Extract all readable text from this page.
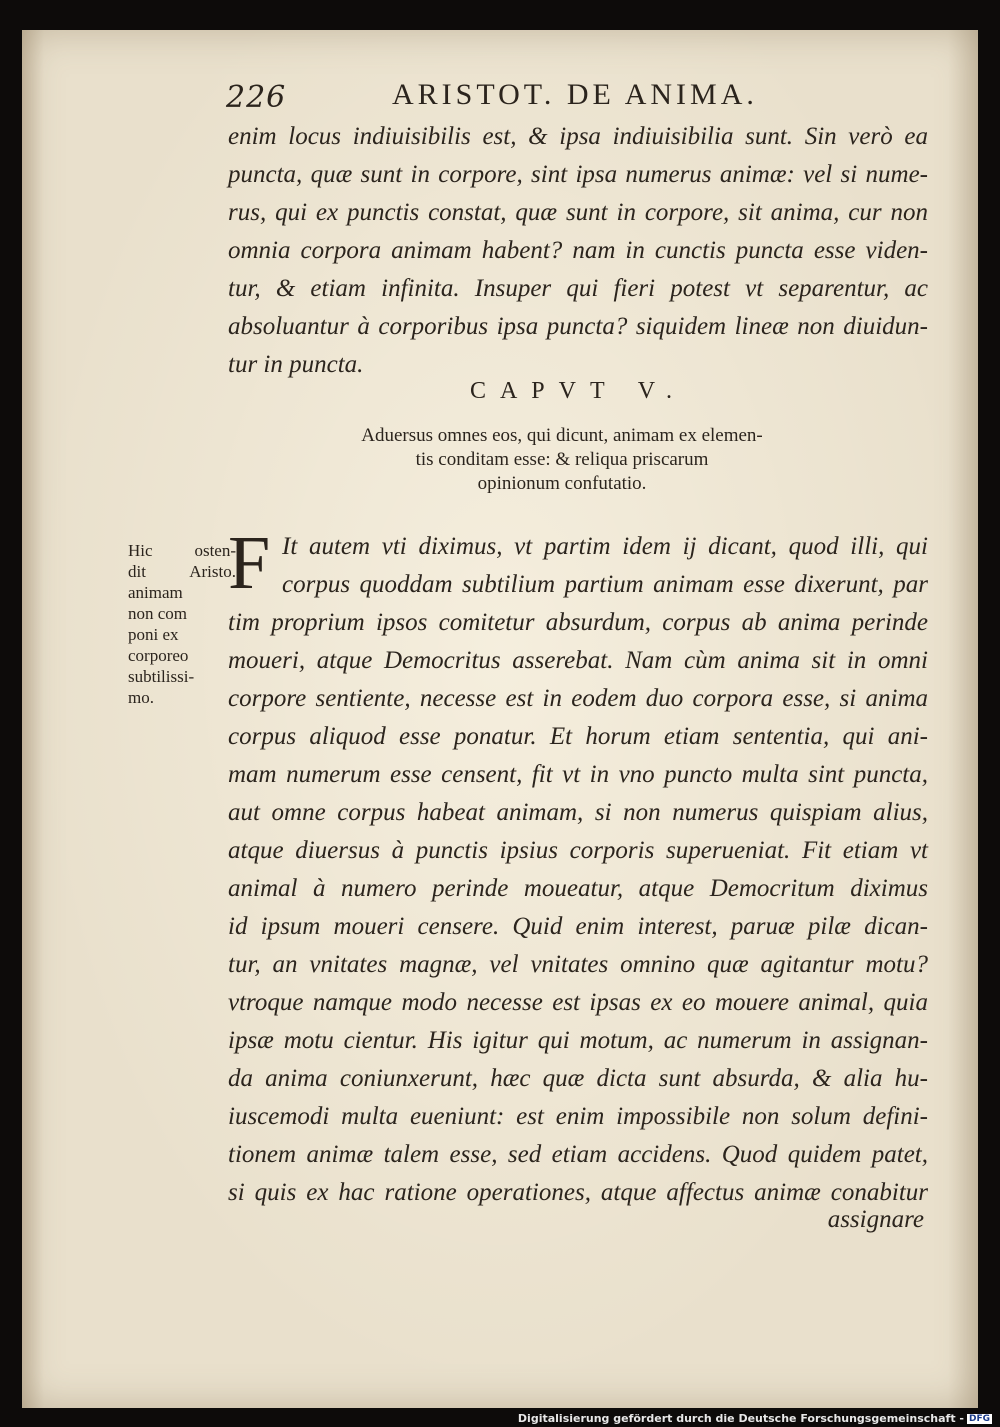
226	ARISTOT. DE ANIMA.
enim locus indiuisibilis est, & ipsa indiuisibilia sunt. Sin verò ea
puncta, quæ sunt in corpore, sint ipsa numerus animæ: vel si nume-
rus, qui ex punctis constat, quæ sunt in corpore, sit anima, cur non
omnia corpora animam habent? nam in cunctis puncta esse viden-
tur, & etiam infinita. Insuper qui fieri potest vt separentur, ac
absoluantur à corporibus ipsa puncta? siquidem lineæ non diuidun-
tur in puncta.
CAPVT V.
Aduersus omnes eos, qui dicunt, animam ex elemen-
tis conditam esse: & reliqua priscarum
opinionum confutatio.
Hic osten-
dit Aristo.
animam
non com
poni ex
corporeo
subtilissi-
mo.
F It autem vti diximus, vt partim idem ij dicant, quod illi, qui
corpus quoddam subtilium partium animam esse dixerunt, par
tim proprium ipsos comitetur absurdum, corpus ab anima perinde
moueri, atque Democritus asserebat. Nam cùm anima sit in omni
corpore sentiente, necesse est in eodem duo corpora esse, si anima
corpus aliquod esse ponatur. Et horum etiam sententia, qui ani-
mam numerum esse censent, fit vt in vno puncto multa sint puncta,
aut omne corpus habeat animam, si non numerus quispiam alius,
atque diuersus à punctis ipsius corporis superueniat. Fit etiam vt
animal à numero perinde moueatur, atque Democritum diximus
id ipsum moueri censere. Quid enim interest, paruæ pilæ dican-
tur, an vnitates magnæ, vel vnitates omnino quæ agitantur motu?
vtroque namque modo necesse est ipsas ex eo mouere animal, quia
ipsæ motu cientur. His igitur qui motum, ac numerum in assignan-
da anima coniunxerunt, hæc quæ dicta sunt absurda, & alia hu-
iuscemodi multa eueniunt: est enim impossibile non solum defini-
tionem animæ talem esse, sed etiam accidens. Quod quidem patet,
si quis ex hac ratione operationes, atque affectus animæ conabitur
assignare
Digitalisierung gefördert durch die Deutsche Forschungsgemeinschaft - DFG
